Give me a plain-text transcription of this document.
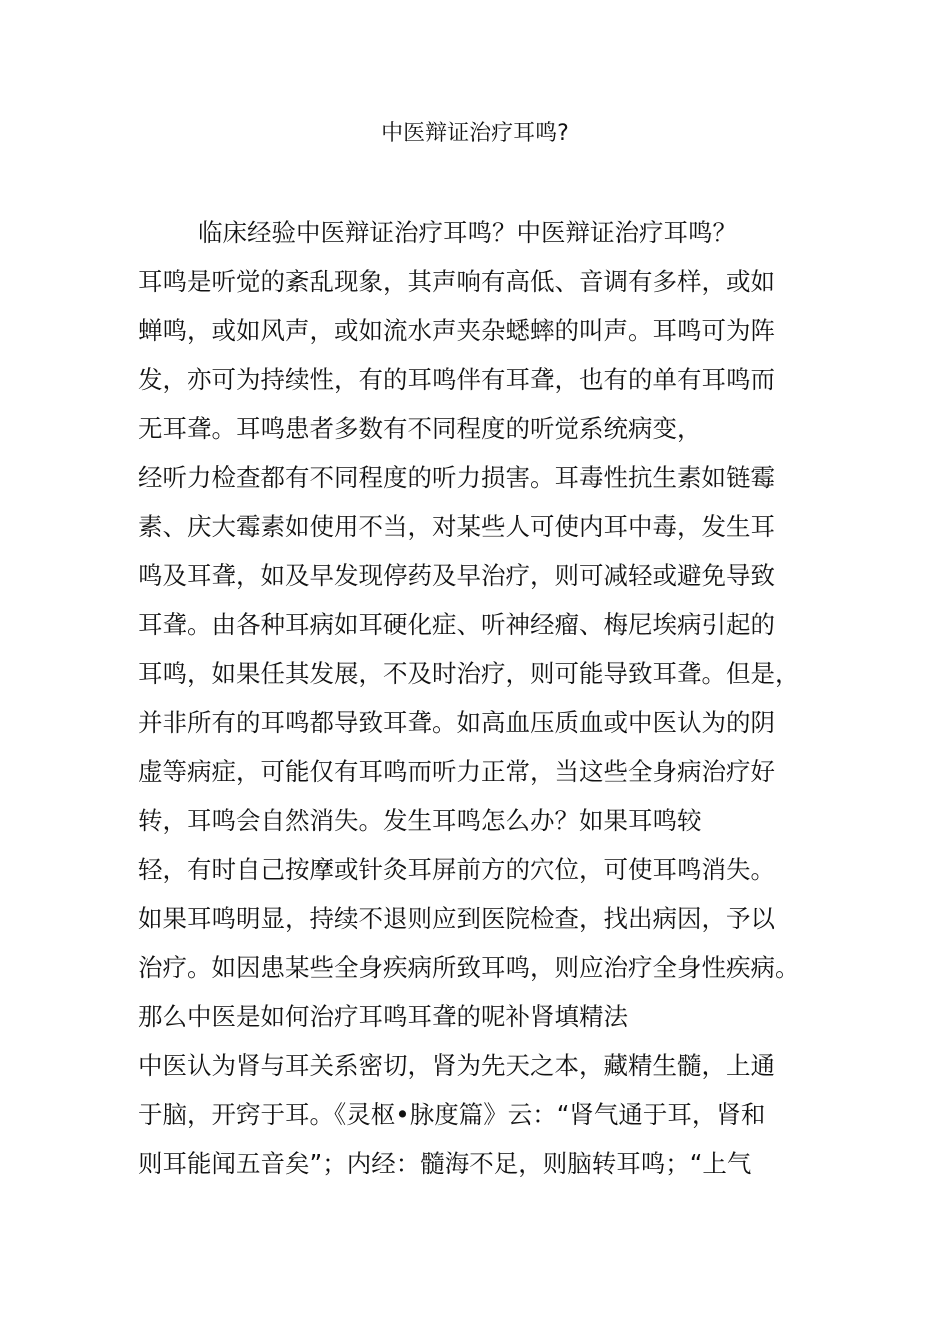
中医辩证治疗耳鸣?
临床经验中医辩证治疗耳鸣？中医辩证治疗耳鸣？
耳鸣是听觉的紊乱现象，其声响有高低、音调有多样，或如
蝉鸣，或如风声，或如流水声夹杂蟋蟀的叫声。耳鸣可为阵
发，亦可为持续性，有的耳鸣伴有耳聋，也有的单有耳鸣而
无耳聋。耳鸣患者多数有不同程度的听觉系统病变，
经听力检查都有不同程度的听力损害。耳毒性抗生素如链霉
素、庆大霉素如使用不当，对某些人可使内耳中毒，发生耳
鸣及耳聋，如及早发现停药及早治疗，则可减轻或避免导致
耳聋。由各种耳病如耳硬化症、听神经瘤、梅尼埃病引起的
耳鸣，如果任其发展，不及时治疗，则可能导致耳聋。但是，
并非所有的耳鸣都导致耳聋。如高血压质血或中医认为的阴
虚等病症，可能仅有耳鸣而听力正常，当这些全身病治疗好
转，耳鸣会自然消失。发生耳鸣怎么办？如果耳鸣较
轻，有时自己按摩或针灸耳屏前方的穴位，可使耳鸣消失。
如果耳鸣明显，持续不退则应到医院检查，找出病因，予以
治疗。如因患某些全身疾病所致耳鸣，则应治疗全身性疾病。
那么中医是如何治疗耳鸣耳聋的呢补肾填精法
中医认为肾与耳关系密切，肾为先天之本，藏精生髓，上通
于脑，开窍于耳。《灵枢•脉度篇》云：“肾气通于耳，肾和
则耳能闻五音矣”；内经：髓海不足，则脑转耳鸣；“上气
